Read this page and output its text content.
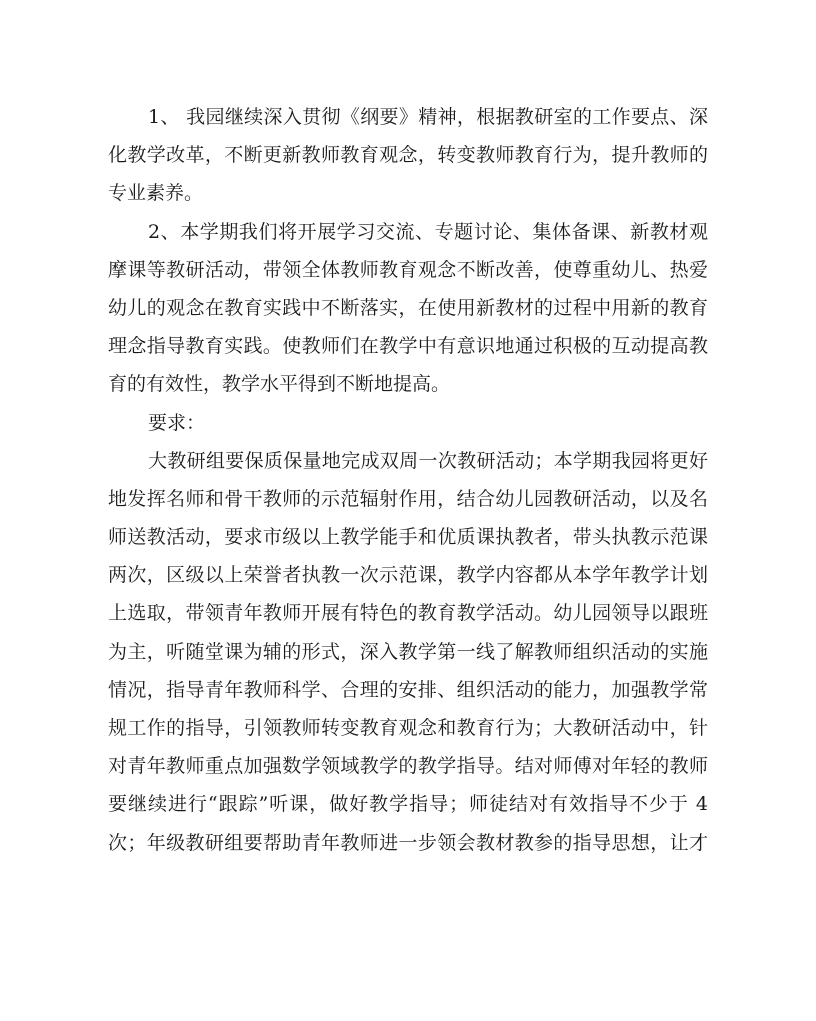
1、 我园继续深入贯彻《纲要》精神，根据教研室的工作要点、深
化教学改革，不断更新教师教育观念，转变教师教育行为，提升教师的
专业素养。
2、本学期我们将开展学习交流、专题讨论、集体备课、新教材观
摩课等教研活动，带领全体教师教育观念不断改善，使尊重幼儿、热爱
幼儿的观念在教育实践中不断落实，在使用新教材的过程中用新的教育
理念指导教育实践。使教师们在教学中有意识地通过积极的互动提高教
育的有效性，教学水平得到不断地提高。
要求：
大教研组要保质保量地完成双周一次教研活动；本学期我园将更好
地发挥名师和骨干教师的示范辐射作用，结合幼儿园教研活动，以及名
师送教活动，要求市级以上教学能手和优质课执教者，带头执教示范课
两次，区级以上荣誉者执教一次示范课，教学内容都从本学年教学计划
上选取，带领青年教师开展有特色的教育教学活动。幼儿园领导以跟班
为主，听随堂课为辅的形式，深入教学第一线了解教师组织活动的实施
情况，指导青年教师科学、合理的安排、组织活动的能力，加强教学常
规工作的指导，引领教师转变教育观念和教育行为；大教研活动中，针
对青年教师重点加强数学领域教学的教学指导。结对师傅对年轻的教师
要继续进行“跟踪”听课，做好教学指导；师徒结对有效指导不少于 4
次；年级教研组要帮助青年教师进一步领会教材教参的指导思想，让才
